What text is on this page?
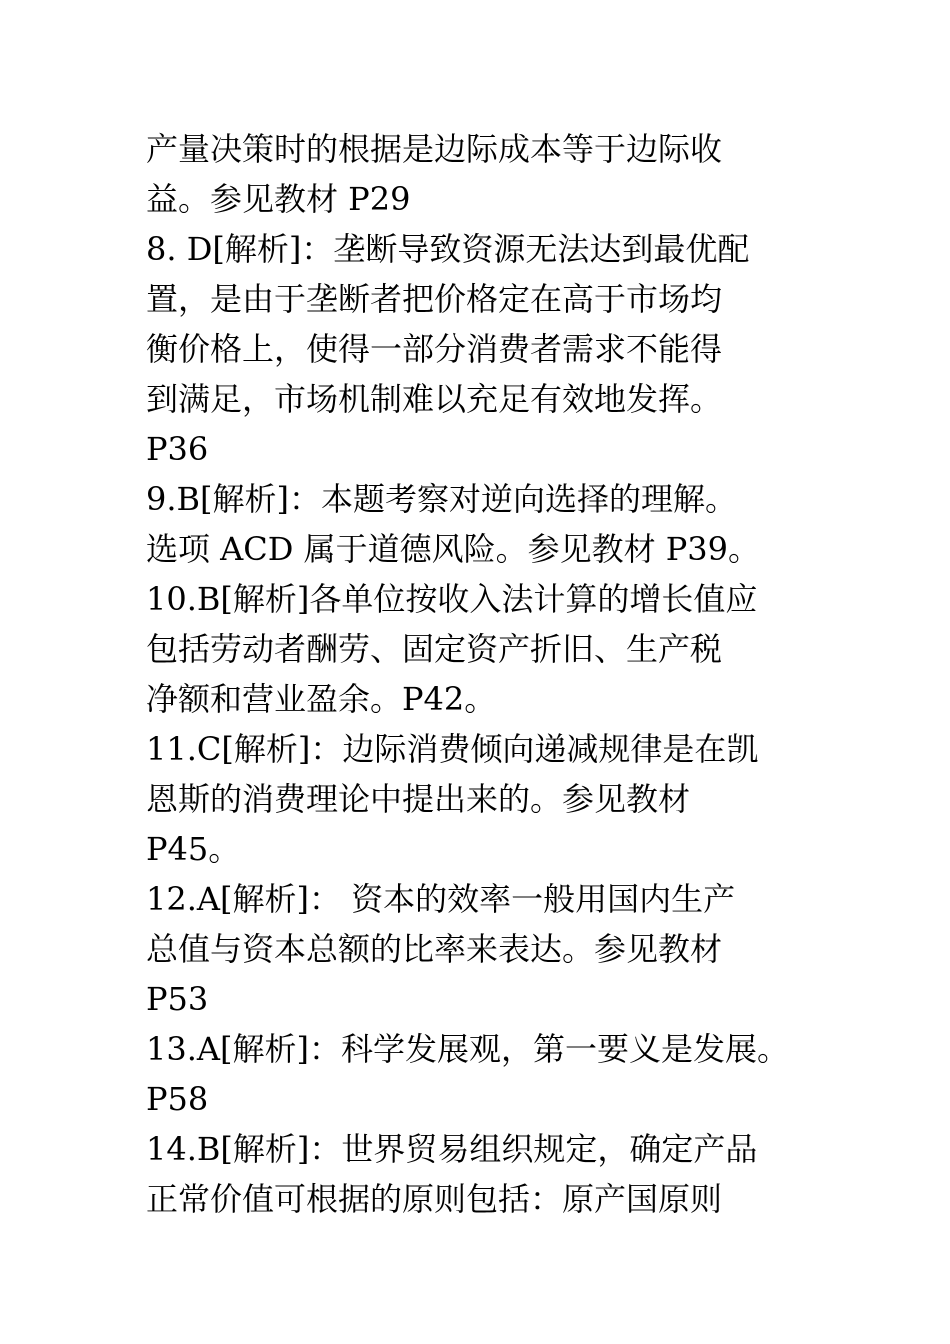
产量决策时的根据是边际成本等于边际收
益。参见教材 P29
8. D[解析]：垄断导致资源无法达到最优配
置，是由于垄断者把价格定在高于市场均
衡价格上，使得一部分消费者需求不能得
到满足，市场机制难以充足有效地发挥。
P36
9.B[解析]：本题考察对逆向选择的理解。
选项 ACD 属于道德风险。参见教材 P39。
10.B[解析]各单位按收入法计算的增长值应
包括劳动者酬劳、固定资产折旧、生产税
净额和营业盈余。P42。
11.C[解析]：边际消费倾向递减规律是在凯
恩斯的消费理论中提出来的。参见教材
P45。
12.A[解析]： 资本的效率一般用国内生产
总值与资本总额的比率来表达。参见教材
P53
13.A[解析]：科学发展观，第一要义是发展。
P58
14.B[解析]：世界贸易组织规定，确定产品
正常价值可根据的原则包括：原产国原则
